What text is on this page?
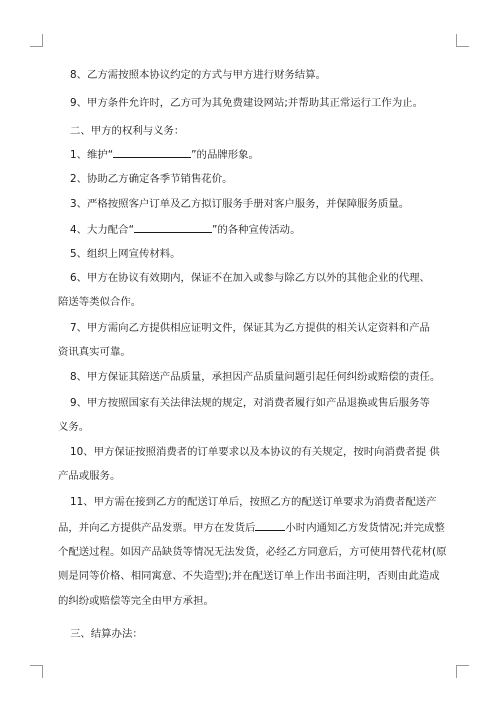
8、乙方需按照本协议约定的方式与甲方进行财务结算。
9、甲方条件允许时，乙方可为其免费建设网站;并帮助其正常运行工作为止。
二、甲方的权利与义务：
1、维护“	”的品牌形象。
2、协助乙方确定各季节销售花价。
3、严格按照客户订单及乙方拟订服务手册对客户服务，并保障服务质量。
4、大力配合“	”的各种宣传活动。
5、组织上网宣传材料。
6、甲方在协议有效期内，保证不在加入或参与除乙方以外的其他企业的代理、
陪送等类似合作。
7、甲方需向乙方提供相应证明文件，保证其为乙方提供的相关认定资料和产品
资讯真实可靠。
8、甲方保证其陪送产品质量，承担因产品质量问题引起任何纠纷或赔偿的责任。
9、甲方按照国家有关法律法规的规定，对消费者履行如产品退换或售后服务等
义务。
10、甲方保证按照消费者的订单要求以及本协议的有关规定，按时向消费者提 供
产品或服务。
11、甲方需在接到乙方的配送订单后，按照乙方的配送订单要求为消费者配送产
品，并向乙方提供产品发票。甲方在发货后	小时内通知乙方发货情况;并完成整
个配送过程。如因产品缺货等情况无法发货，必经乙方同意后，方可使用替代花材(原
则是同等价格、相同寓意、不失造型);并在配送订单上作出书面注明，否则由此造成
的纠纷或赔偿等完全由甲方承担。
三、结算办法：
